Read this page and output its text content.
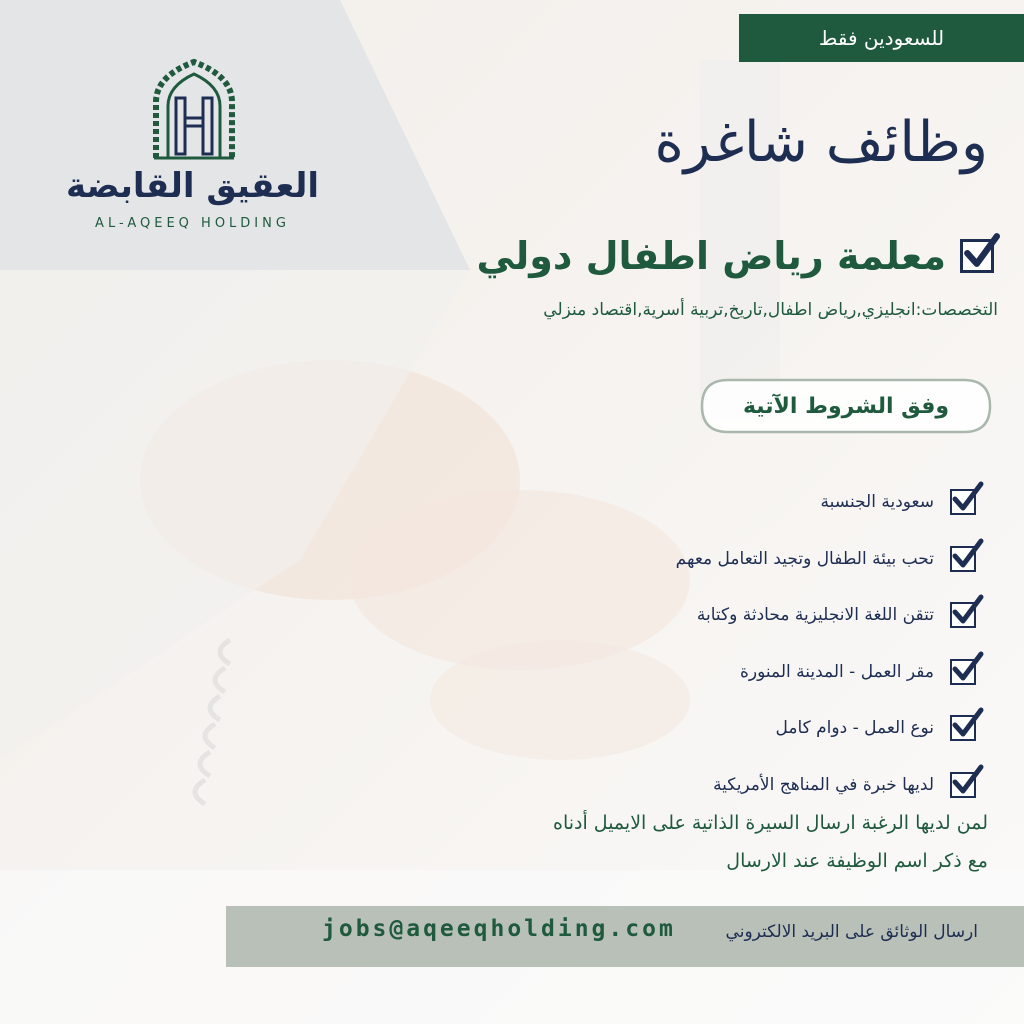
للسعودين فقط
العقيق القابضة
AL-AQEEQ HOLDING
وظائف شاغرة
معلمة رياض اطفال دولي
التخصصات:انجليزي,رياض اطفال,تاريخ,تربية أسرية,اقتصاد منزلي
وفق الشروط الآتية
سعودية الجنسبة
تحب بيئة الطفال وتجيد التعامل معهم
تتقن اللغة الانجليزية محادثة وكتابة
مقر العمل - المدينة المنورة
نوع العمل - دوام كامل
لديها خبرة في المناهج الأمريكية
لمن لديها الرغبة ارسال السيرة الذاتية على الايميل أدناه
مع ذكر اسم الوظيفة عند الارسال
jobs@aqeeqholding.com	ارسال الوثائق على البريد الالكتروني
